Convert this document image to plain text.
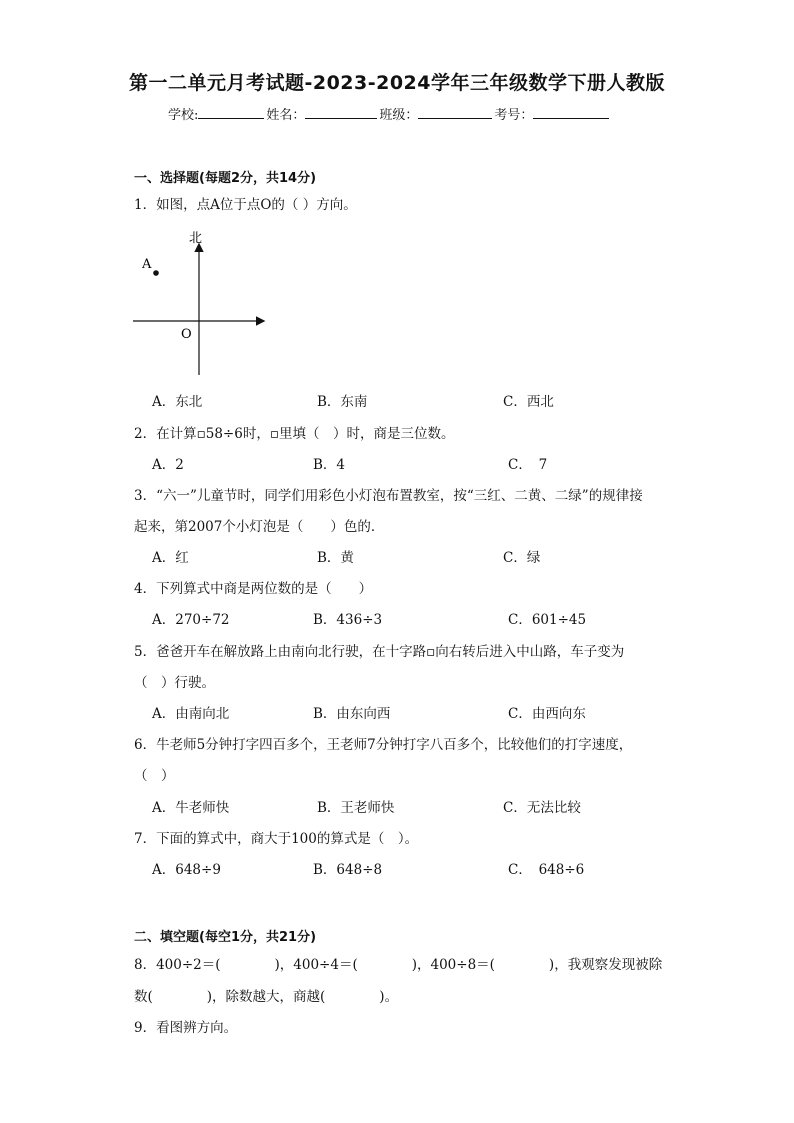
第一二单元月考试题-2023-2024学年三年级数学下册人教版
学校:	姓名：	班级：	考号：
一、选择题(每题2分，共14分)
1．如图，点A位于点O的（ ）方向。
北
A
O
A．东北	B．东南	C．西北
2．在计算▫58÷6时，▫里填（　）时，商是三位数。
A．2	B．4	C．　7
3．“六一”儿童节时，同学们用彩色小灯泡布置教室，按“三红、二黄、二绿”的规律接
起来，第2007个小灯泡是（　　）色的．
A．红	B．黄	C．绿
4．下列算式中商是两位数的是（　　）
A．270÷72	B．436÷3	C．601÷45
5．爸爸开车在解放路上由南向北行驶，在十字路▫向右转后进入中山路，车子变为
（　）行驶。
A．由南向北	B．由东向西	C．由西向东
6．牛老师5分钟打字四百多个，王老师7分钟打字八百多个，比较他们的打字速度，
（　）
A．牛老师快	B．王老师快	C．无法比较
7．下面的算式中，商大于100的算式是（　）。
A．648÷9	B．648÷8	C．　648÷6
二、填空题(每空1分，共21分)
8．400÷2＝(　　　　)，400÷4＝(　　　　)，400÷8＝(　　　　)，我观察发现被除
数(　　　　)，除数越大，商越(　　　　)。
9．看图辨方向。
